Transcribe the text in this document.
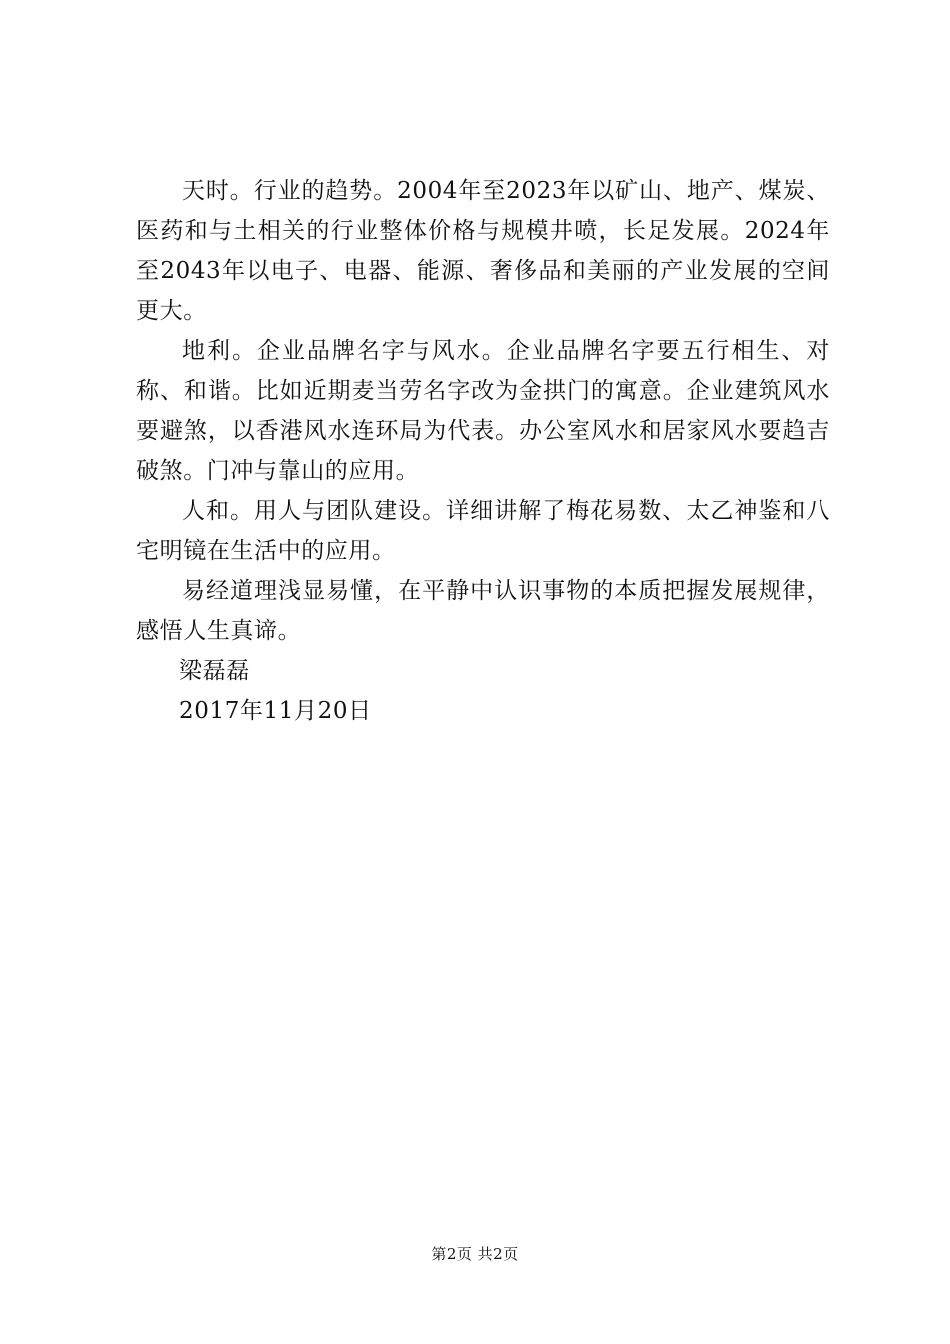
天时。行业的趋势。2004年至2023年以矿山、地产、煤炭、医药和与土相关的行业整体价格与规模井喷，长足发展。2024年至2043年以电子、电器、能源、奢侈品和美丽的产业发展的空间更大。

地利。企业品牌名字与风水。企业品牌名字要五行相生、对称、和谐。比如近期麦当劳名字改为金拱门的寓意。企业建筑风水要避煞，以香港风水连环局为代表。办公室风水和居家风水要趋吉破煞。门冲与靠山的应用。

人和。用人与团队建设。详细讲解了梅花易数、太乙神鉴和八宅明镜在生活中的应用。

易经道理浅显易懂，在平静中认识事物的本质把握发展规律，感悟人生真谛。

梁磊磊

2017年11月20日

第2页 共2页
